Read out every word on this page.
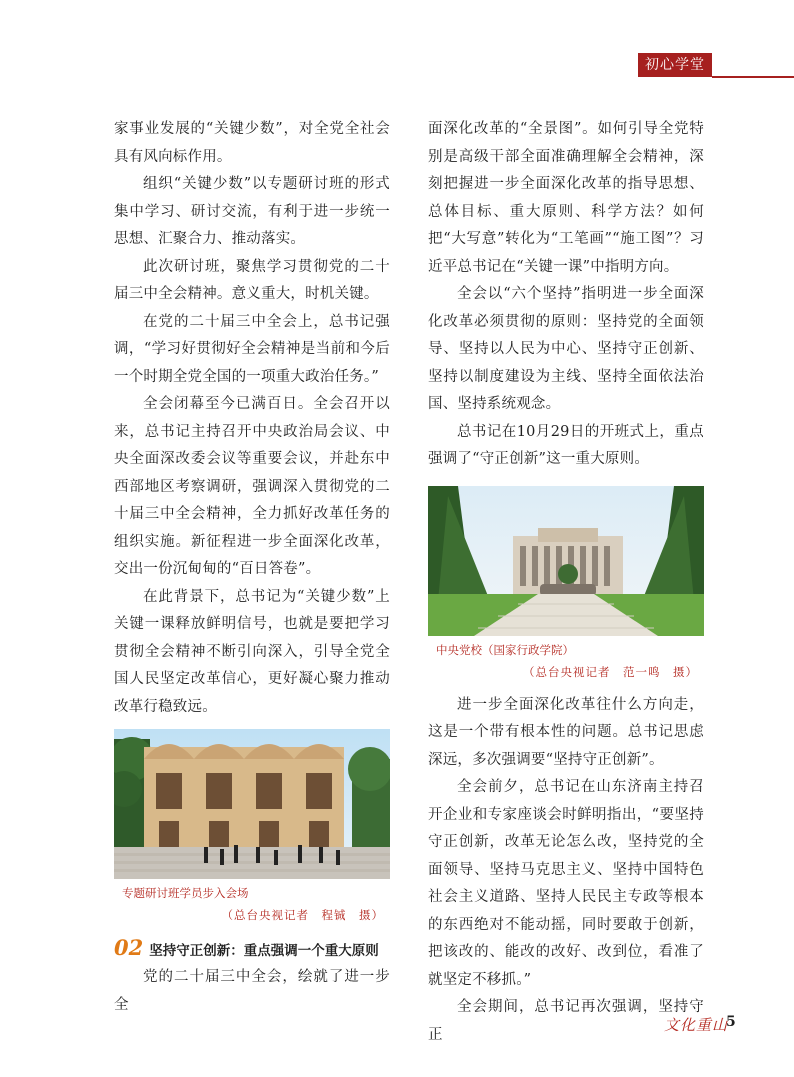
初心学堂

家事业发展的“关键少数”，对全党全社会具有风向标作用。

组织“关键少数”以专题研讨班的形式集中学习、研讨交流，有利于进一步统一思想、汇聚合力、推动落实。

此次研讨班，聚焦学习贯彻党的二十届三中全会精神。意义重大，时机关键。

在党的二十届三中全会上，总书记强调，“学习好贯彻好全会精神是当前和今后一个时期全党全国的一项重大政治任务。”

全会闭幕至今已满百日。全会召开以来，总书记主持召开中央政治局会议、中央全面深改委会议等重要会议，并赴东中西部地区考察调研，强调深入贯彻党的二十届三中全会精神，全力抓好改革任务的组织实施。新征程进一步全面深化改革，交出一份沉甸甸的“百日答卷”。

在此背景下，总书记为“关键少数”上关键一课释放鲜明信号，也就是要把学习贯彻全会精神不断引向深入，引导全党全国人民坚定改革信心，更好凝心聚力推动改革行稳致远。

专题研讨班学员步入会场
（总台央视记者　程铖　摄）
02 坚持守正创新：重点强调一个重大原则

党的二十届三中全会，绘就了进一步全

面深化改革的“全景图”。如何引导全党特别是高级干部全面准确理解全会精神，深刻把握进一步全面深化改革的指导思想、总体目标、重大原则、科学方法？如何把“大写意”转化为“工笔画”“施工图”？习近平总书记在“关键一课”中指明方向。

全会以“六个坚持”指明进一步全面深化改革必须贯彻的原则：坚持党的全面领导、坚持以人民为中心、坚持守正创新、坚持以制度建设为主线、坚持全面依法治国、坚持系统观念。

总书记在10月29日的开班式上，重点强调了“守正创新”这一重大原则。

中央党校（国家行政学院）
（总台央视记者　范一鸣　摄）

进一步全面深化改革往什么方向走，这是一个带有根本性的问题。总书记思虑深远，多次强调要“坚持守正创新”。

全会前夕，总书记在山东济南主持召开企业和专家座谈会时鲜明指出，“要坚持守正创新，改革无论怎么改，坚持党的全面领导、坚持马克思主义、坚持中国特色社会主义道路、坚持人民民主专政等根本的东西绝对不能动摇，同时要敢于创新，把该改的、能改的改好、改到位，看准了就坚定不移抓。”

全会期间，总书记再次强调，坚持守正

文化重山
5
